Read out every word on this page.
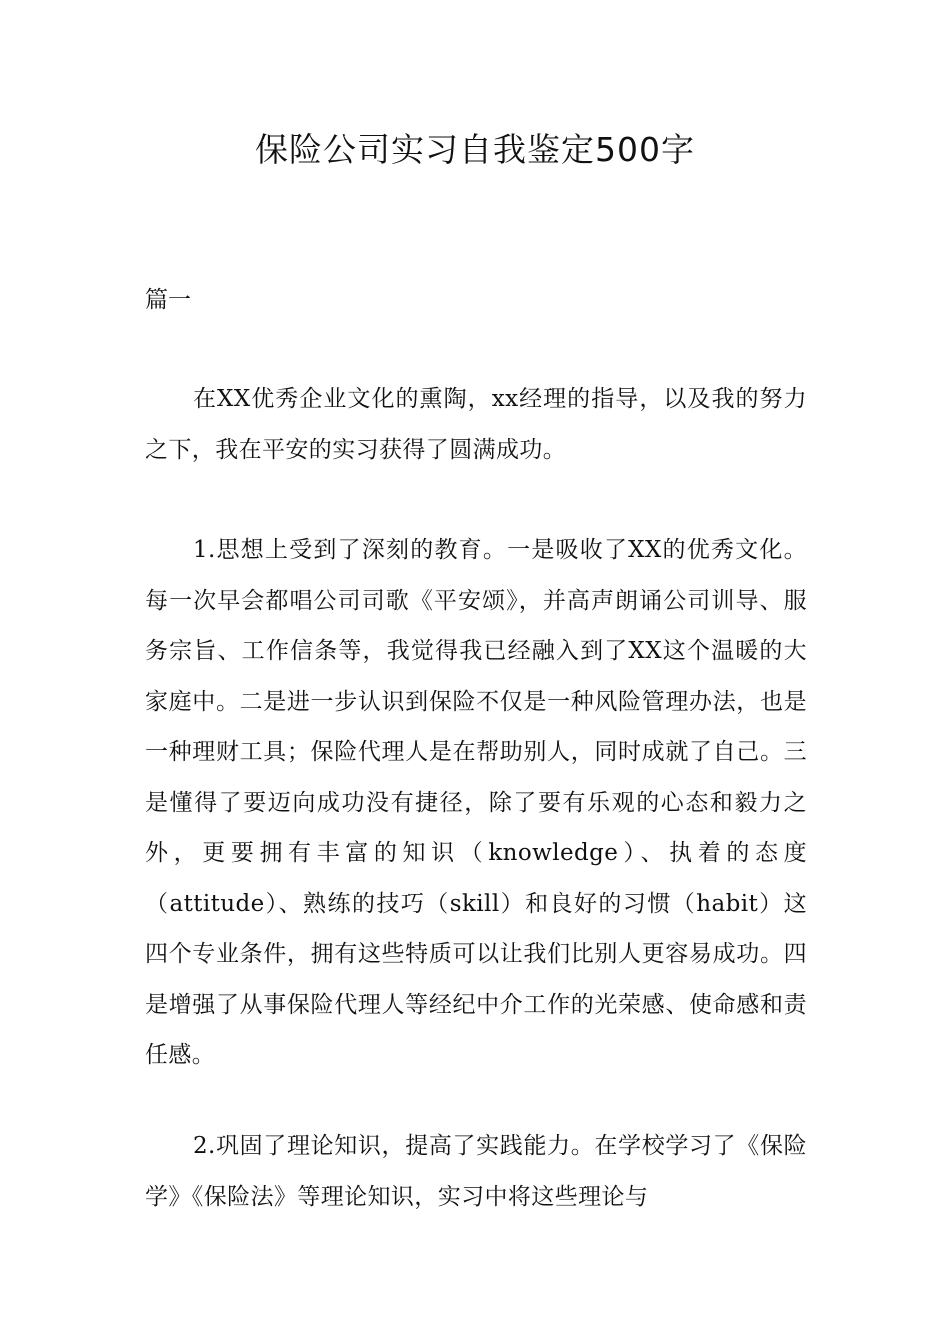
保险公司实习自我鉴定500字

篇一

在XX优秀企业文化的熏陶，xx经理的指导，以及我的努力之下，我在平安的实习获得了圆满成功。

1.思想上受到了深刻的教育。一是吸收了XX的优秀文化。每一次早会都唱公司司歌《平安颂》，并高声朗诵公司训导、服务宗旨、工作信条等，我觉得我已经融入到了XX这个温暖的大家庭中。二是进一步认识到保险不仅是一种风险管理办法，也是一种理财工具；保险代理人是在帮助别人，同时成就了自己。三是懂得了要迈向成功没有捷径，除了要有乐观的心态和毅力之外，更要拥有丰富的知识（knowledge）、执着的态度（attitude）、熟练的技巧（skill）和良好的习惯（habit）这四个专业条件，拥有这些特质可以让我们比别人更容易成功。四是增强了从事保险代理人等经纪中介工作的光荣感、使命感和责任感。

2.巩固了理论知识，提高了实践能力。在学校学习了《保险学》《保险法》等理论知识，实习中将这些理论与
